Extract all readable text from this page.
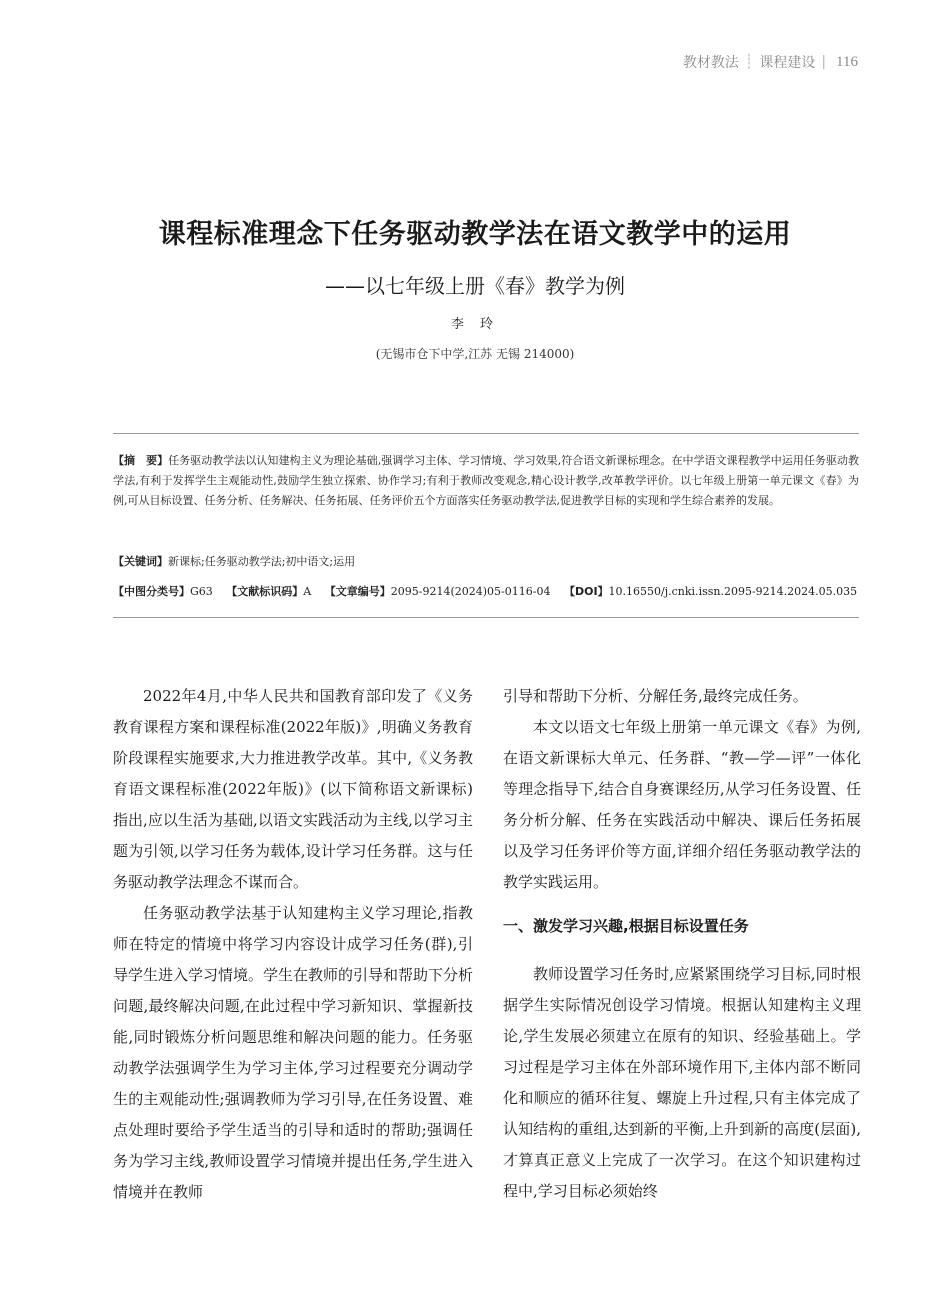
教材教法 ┊ 课程建设 | 116
课程标准理念下任务驱动教学法在语文教学中的运用
——以七年级上册《春》教学为例
李 玲
(无锡市仓下中学,江苏 无锡 214000)
【摘　要】任务驱动教学法以认知建构主义为理论基础,强调学习主体、学习情境、学习效果,符合语文新课标理念。在中学语文课程教学中运用任务驱动教学法,有利于发挥学生主观能动性,鼓励学生独立探索、协作学习;有利于教师改变观念,精心设计教学,改革教学评价。以七年级上册第一单元课文《春》为例,可从目标设置、任务分析、任务解决、任务拓展、任务评价五个方面落实任务驱动教学法,促进教学目标的实现和学生综合素养的发展。
【关键词】新课标;任务驱动教学法;初中语文;运用
【中图分类号】G63 【文献标识码】A 【文章编号】2095-9214(2024)05-0116-04 【DOI】10.16550/j.cnki.issn.2095-9214.2024.05.035

2022年4月,中华人民共和国教育部印发了《义务教育课程方案和课程标准(2022年版)》,明确义务教育阶段课程实施要求,大力推进教学改革。其中,《义务教育语文课程标准(2022年版)》(以下简称语文新课标)指出,应以生活为基础,以语文实践活动为主线,以学习主题为引领,以学习任务为载体,设计学习任务群。这与任务驱动教学法理念不谋而合。

任务驱动教学法基于认知建构主义学习理论,指教师在特定的情境中将学习内容设计成学习任务(群),引导学生进入学习情境。学生在教师的引导和帮助下分析问题,最终解决问题,在此过程中学习新知识、掌握新技能,同时锻炼分析问题思维和解决问题的能力。任务驱动教学法强调学生为学习主体,学习过程要充分调动学生的主观能动性;强调教师为学习引导,在任务设置、难点处理时要给予学生适当的引导和适时的帮助;强调任务为学习主线,教师设置学习情境并提出任务,学生进入情境并在教师

引导和帮助下分析、分解任务,最终完成任务。

本文以语文七年级上册第一单元课文《春》为例,在语文新课标大单元、任务群、“教—学—评”一体化等理念指导下,结合自身赛课经历,从学习任务设置、任务分析分解、任务在实践活动中解决、课后任务拓展以及学习任务评价等方面,详细介绍任务驱动教学法的教学实践运用。

一、激发学习兴趣,根据目标设置任务

教师设置学习任务时,应紧紧围绕学习目标,同时根据学生实际情况创设学习情境。根据认知建构主义理论,学生发展必须建立在原有的知识、经验基础上。学习过程是学习主体在外部环境作用下,主体内部不断同化和顺应的循环往复、螺旋上升过程,只有主体完成了认知结构的重组,达到新的平衡,上升到新的高度(层面),才算真正意义上完成了一次学习。在这个知识建构过程中,学习目标必须始终
